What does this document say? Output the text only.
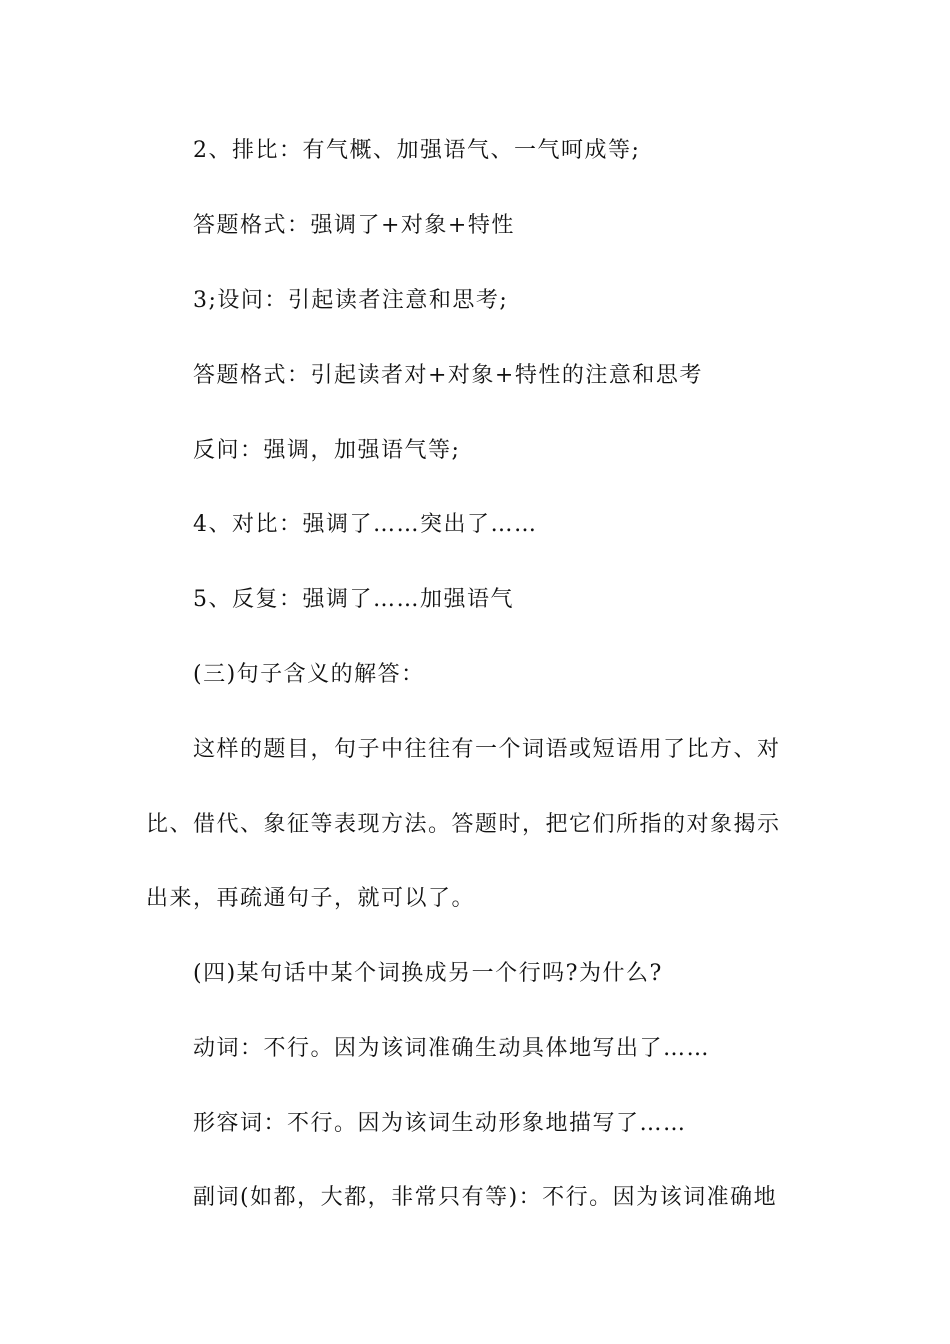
2、排比：有气概、加强语气、一气呵成等;
答题格式：强调了+对象+特性
3;设问：引起读者注意和思考;
答题格式：引起读者对+对象+特性的注意和思考
反问：强调，加强语气等;
4、对比：强调了……突出了……
5、反复：强调了……加强语气
(三)句子含义的解答：
这样的题目，句子中往往有一个词语或短语用了比方、对
比、借代、象征等表现方法。答题时，把它们所指的对象揭示
出来，再疏通句子，就可以了。
(四)某句话中某个词换成另一个行吗?为什么?
动词：不行。因为该词准确生动具体地写出了……
形容词：不行。因为该词生动形象地描写了……
副词(如都，大都，非常只有等)：不行。因为该词准确地
